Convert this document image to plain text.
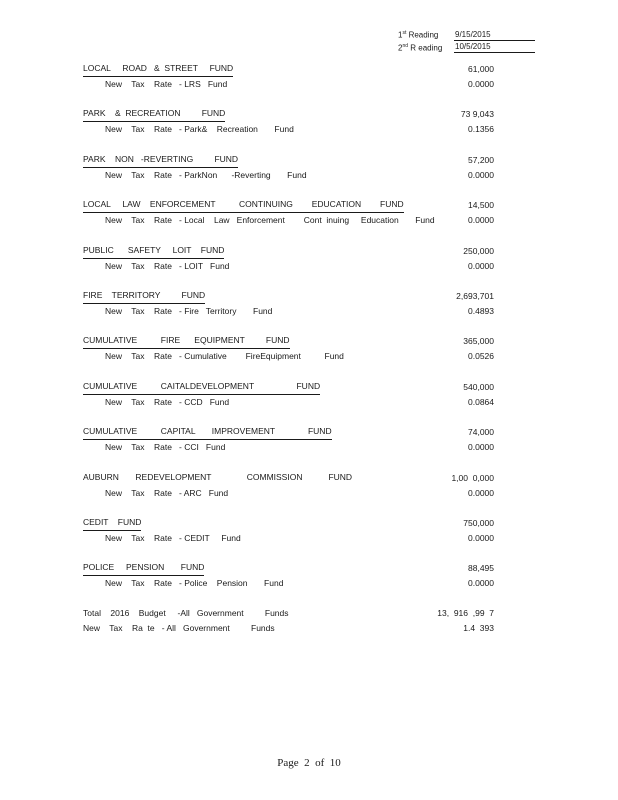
1st Reading	9/15/2015
2nd R eading	10/5/2015
LOCAL     ROAD   &  STREET     FUND	61,000
New    Tax    Rate   - LRS   Fund	0.0000
PARK    &  RECREATION         FUND	73 9,043
New    Tax    Rate   - Park&    Recreation       Fund	0.1356
PARK    NON   -REVERTING         FUND	57,200
New    Tax    Rate   - ParkNon      -Reverting       Fund	0.0000
LOCAL     LAW    ENFORCEMENT          CONTINUING        EDUCATION        FUND	14,500
New    Tax    Rate   - Local    Law   Enforcement        Cont  inuing     Education       Fund	0.0000
PUBLIC      SAFETY     LOIT    FUND	250,000
New    Tax    Rate   - LOIT   Fund	0.0000
FIRE    TERRITORY         FUND	2,693,701
New    Tax    Rate   - Fire   Territory       Fund	0.4893
CUMULATIVE          FIRE      EQUIPMENT         FUND	365,000
New    Tax    Rate   - Cumulative        FireEquipment          Fund	0.0526
CUMULATIVE          CAITALDEVELOPMENT                  FUND	540,000
New    Tax    Rate   - CCD   Fund	0.0864
CUMULATIVE          CAPITAL       IMPROVEMENT              FUND	74,000
New    Tax    Rate   - CCI   Fund	0.0000
AUBURN       REDEVELOPMENT               COMMISSION           FUND	1,00  0,000
New    Tax    Rate   - ARC   Fund	0.0000
CEDIT    FUND	750,000
New    Tax    Rate   - CEDIT     Fund	0.0000
POLICE     PENSION       FUND	88,495
New    Tax    Rate   - Police    Pension       Fund	0.0000
Total    2016    Budget     -All   Government         Funds	13,  916  ,99  7
New    Tax    Ra  te   - All   Government         Funds	1.4  393
Page  2  of  10
